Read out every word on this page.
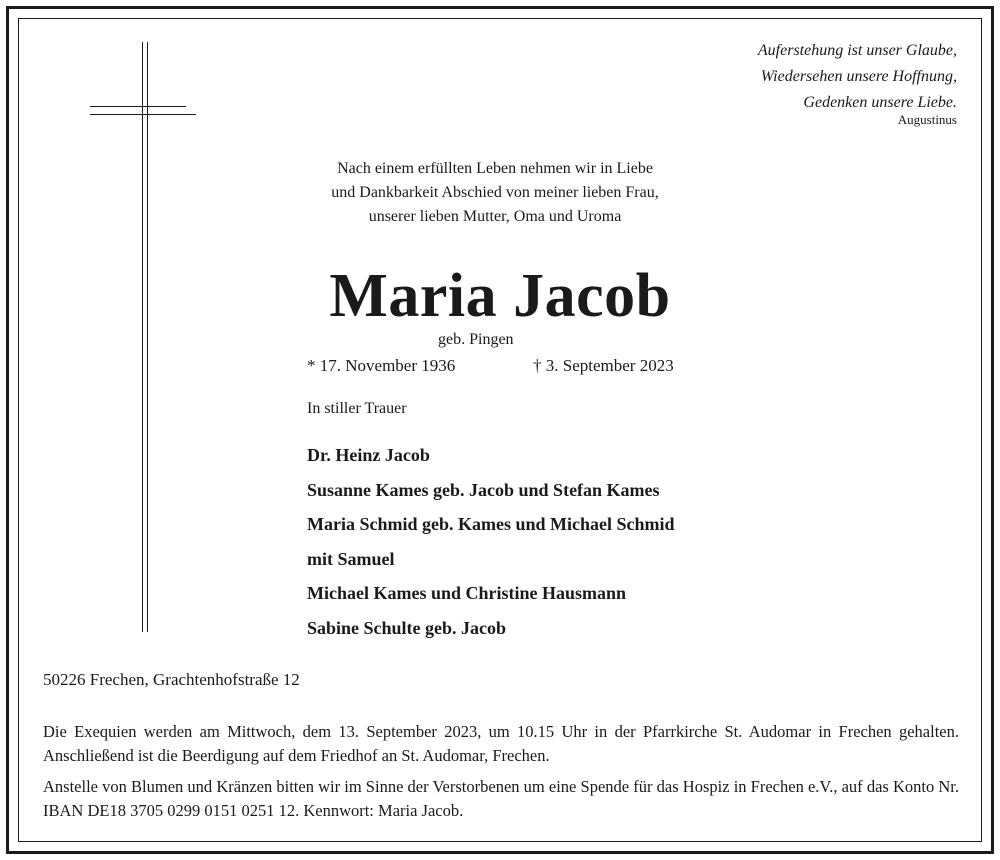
Auferstehung ist unser Glaube,
Wiedersehen unsere Hoffnung,
Gedenken unsere Liebe.
Augustinus
Nach einem erfüllten Leben nehmen wir in Liebe
und Dankbarkeit Abschied von meiner lieben Frau,
unserer lieben Mutter, Oma und Uroma
Maria Jacob
geb. Pingen
* 17. November 1936	† 3. September 2023
In stiller Trauer
Dr. Heinz Jacob
Susanne Kames geb. Jacob und Stefan Kames
Maria Schmid geb. Kames und Michael Schmid
mit Samuel
Michael Kames und Christine Hausmann
Sabine Schulte geb. Jacob
50226 Frechen, Grachtenhofstraße 12
Die Exequien werden am Mittwoch, dem 13. September 2023, um 10.15 Uhr in der Pfarrkirche St. Audomar in Frechen gehalten. Anschließend ist die Beerdigung auf dem Friedhof an St. Audomar, Frechen.
Anstelle von Blumen und Kränzen bitten wir im Sinne der Verstorbenen um eine Spende für das Hospiz in Frechen e.V., auf das Konto Nr. IBAN DE18 3705 0299 0151 0251 12. Kennwort: Maria Jacob.
